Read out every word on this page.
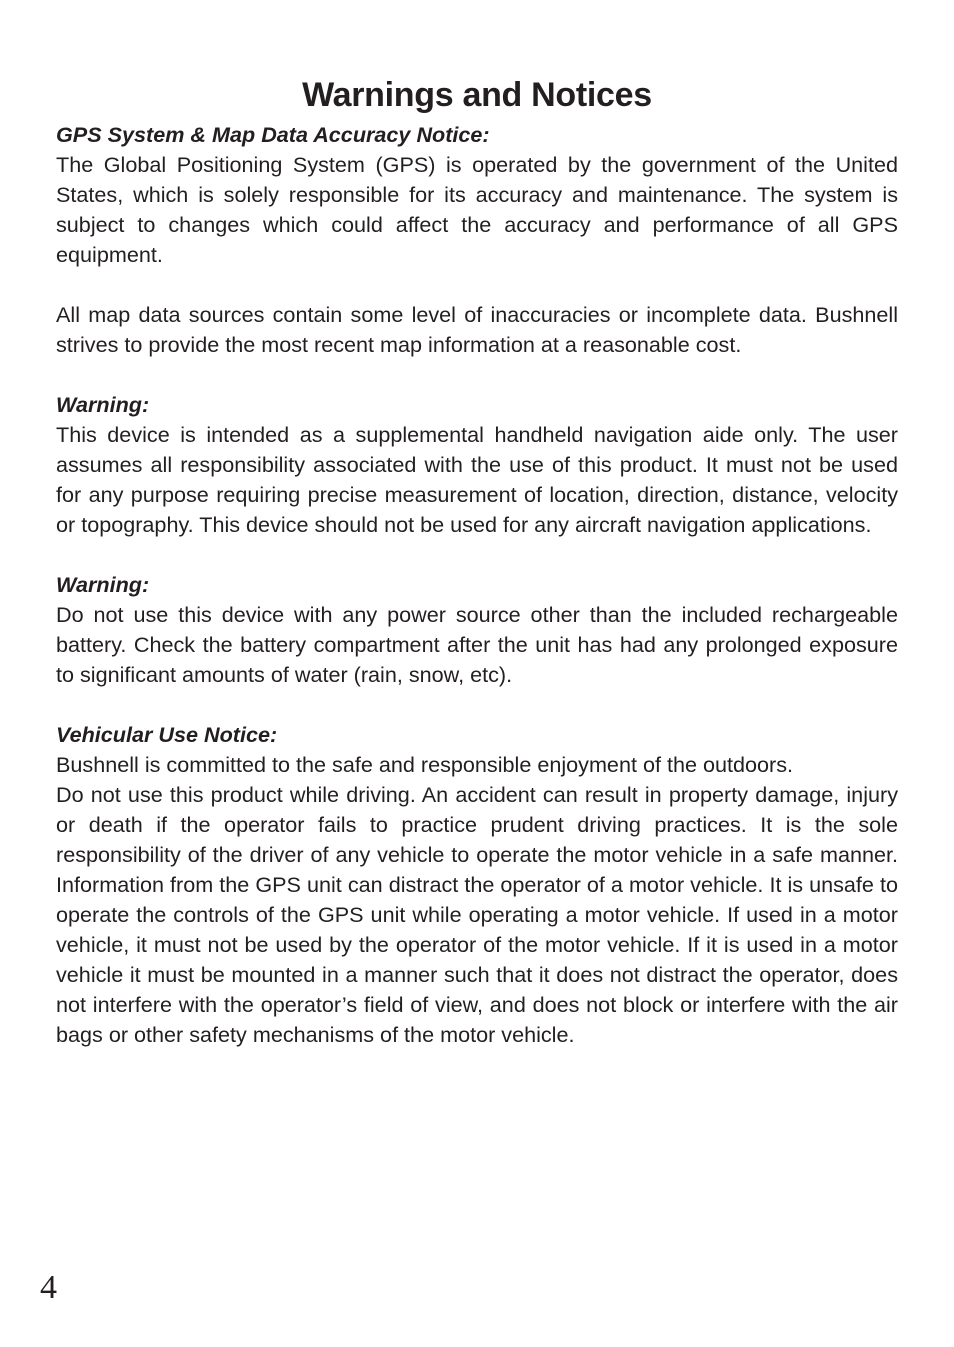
Warnings and Notices

GPS System & Map Data Accuracy Notice:

The Global Positioning System (GPS) is operated by the government of the United States, which is solely responsible for its accuracy and maintenance. The system is subject to changes which could affect the accuracy and performance of all GPS equipment.

All map data sources contain some level of inaccuracies or incomplete data. Bushnell strives to provide the most recent map information at a reasonable cost.

Warning:

This device is intended as a supplemental handheld navigation aide only. The user assumes all responsibility associated with the use of this product. It must not be used for any purpose requiring precise measurement of location, direction, distance, velocity or topography. This device should not be used for any aircraft navigation applications.

Warning:

Do not use this device with any power source other than the included rechargeable battery. Check the battery compartment after the unit has had any prolonged exposure to significant amounts of water (rain, snow, etc).

Vehicular Use Notice:

Bushnell is committed to the safe and responsible enjoyment of the outdoors.

Do not use this product while driving. An accident can result in property damage, injury or death if the operator fails to practice prudent driving practices. It is the sole responsibility of the driver of any vehicle to operate the motor vehicle in a safe manner. Information from the GPS unit can distract the operator of a motor vehicle. It is unsafe to operate the controls of the GPS unit while operating a motor vehicle. If used in a motor vehicle, it must not be used by the operator of the motor vehicle. If it is used in a motor vehicle it must be mounted in a manner such that it does not distract the operator, does not interfere with the operator’s field of view, and does not block or interfere with the air bags or other safety mechanisms of the motor vehicle.

4
